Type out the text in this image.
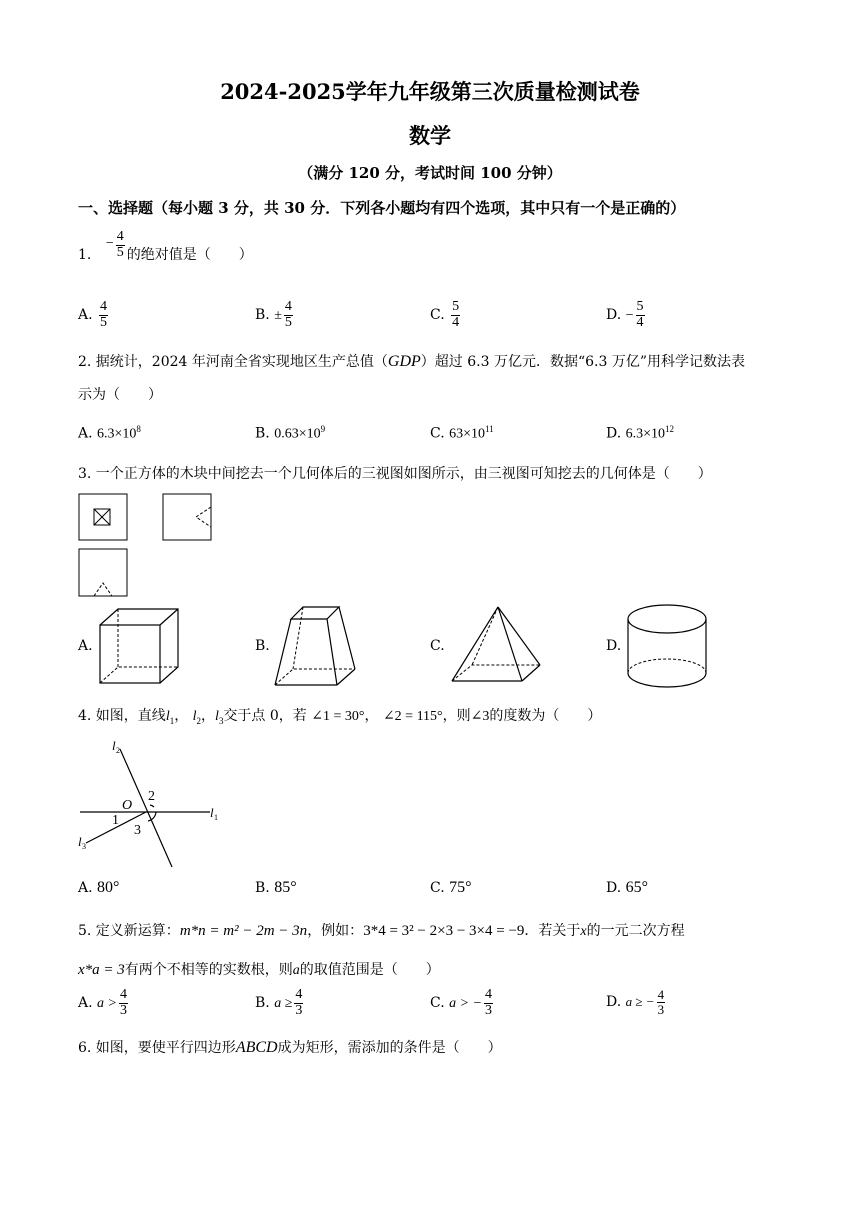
2024-2025学年九年级第三次质量检测试卷
数学
（满分 120 分，考试时间 100 分钟）
一、选择题（每小题 3 分，共 30 分．下列各小题均有四个选项，其中只有一个是正确的）
1. − $\frac{4}{5}$ 的绝对值是（　　）
A. $\frac{4}{5}$	B. ± $\frac{4}{5}$	C. $\frac{5}{4}$	D. − $\frac{5}{4}$
2. 据统计，2024 年河南全省实现地区生产总值（GDP）超过 6.3 万亿元．数据“6.3 万亿”用科学记数法表
示为（　　）
A. $6.3\times 10^8$	B. $0.63\times 10^9$	C. $63\times 10^{11}$	D. $6.3\times 10^{12}$
3. 一个正方体的木块中间挖去一个几何体后的三视图如图所示，由三视图可知挖去的几何体是（　　）
A.	B.	C.	D.
4. 如图，直线$l_1$， $l_2$，$l_3$交于点 0，若 ∠1 = 30°， ∠2 = 115°，则∠3的度数为（　　）
l 2
l 1
l 3
O
2
1
3
A. 80°	B. 85°	C. 75°	D. 65°
5. 定义新运算：m*n = m² − 2m − 3n，例如：3*4 = 3² − 2×3 − 3×4 = −9．若关于x的一元二次方程
x*a = 3有两个不相等的实数根，则a的取值范围是（　　）
A. $a > \frac{4}{3}$	B. $a \ge \frac{4}{3}$	C. a > − $\frac{4}{3}$	D. a ≥ − $\frac{4}{3}$
6. 如图，要使平行四边形ABCD成为矩形，需添加的条件是（　　）
